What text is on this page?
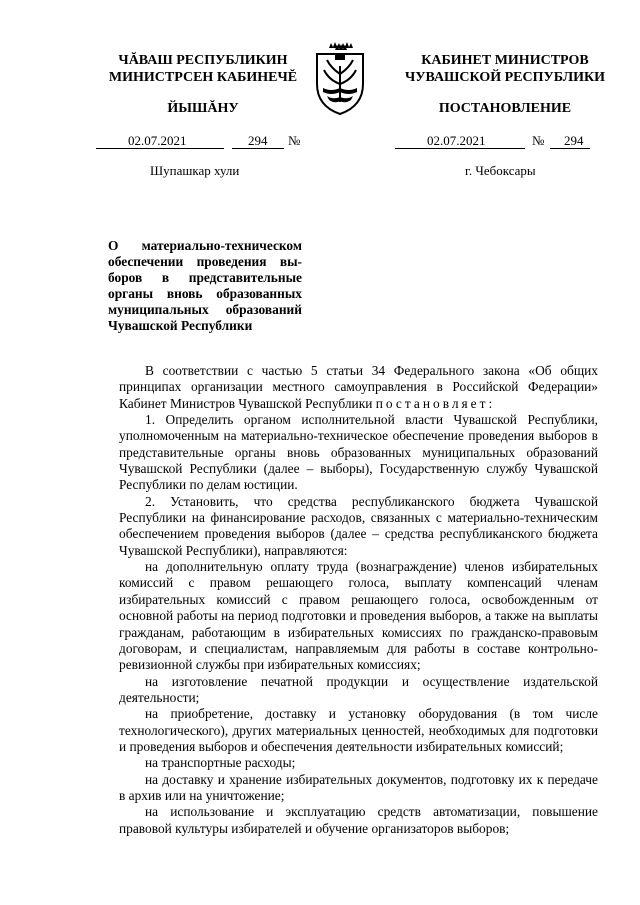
ЧĂВАШ РЕСПУБЛИКИН
МИНИСТРСЕН КАБИНЕЧĔ
ЙЫШĂНУ
КАБИНЕТ МИНИСТРОВ
ЧУВАШСКОЙ РЕСПУБЛИКИ
ПОСТАНОВЛЕНИЕ
02.07.2021	294 №	02.07.2021	№ 294
Шупашкар хули	г. Чебоксары
О материально-техническом
обеспечении проведения вы-
боров в представительные
органы вновь образованных
муниципальных образований
Чувашской Республики

В соответствии с частью 5 статьи 34 Федерального закона «Об общих принципах организации местного самоуправления в Российской Федерации» Кабинет Министров Чувашской Республики постановляет:

1. Определить органом исполнительной власти Чувашской Республики, уполномоченным на материально-техническое обеспечение проведения выборов в представительные органы вновь образованных муниципальных образований Чувашской Республики (далее – выборы), Государственную службу Чувашской Республики по делам юстиции.

2. Установить, что средства республиканского бюджета Чувашской Республики на финансирование расходов, связанных с материально-техническим обеспечением проведения выборов (далее – средства республиканского бюджета Чувашской Республики), направляются:

на дополнительную оплату труда (вознаграждение) членов избирательных комиссий с правом решающего голоса, выплату компенсаций членам избирательных комиссий с правом решающего голоса, освобожденным от основной работы на период подготовки и проведения выборов, а также на выплаты гражданам, работающим в избирательных комиссиях по гражданско-правовым договорам, и специалистам, направляемым для работы в составе контрольно-ревизионной службы при избирательных комиссиях;

на изготовление печатной продукции и осуществление издательской деятельности;

на приобретение, доставку и установку оборудования (в том числе технологического), других материальных ценностей, необходимых для подготовки и проведения выборов и обеспечения деятельности избирательных комиссий;

на транспортные расходы;

на доставку и хранение избирательных документов, подготовку их к передаче в архив или на уничтожение;

на использование и эксплуатацию средств автоматизации, повышение правовой культуры избирателей и обучение организаторов выборов;
